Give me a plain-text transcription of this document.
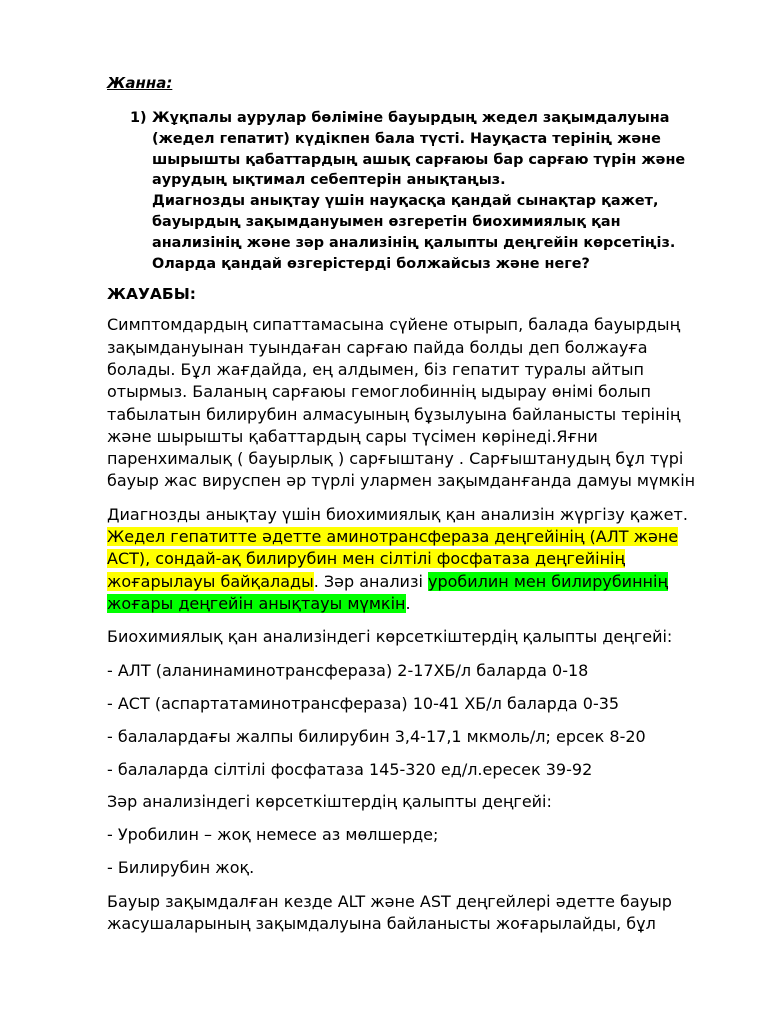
Жанна:
1) Жұқпалы аурулар бөліміне бауырдың жедел зақымдалуына
(жедел гепатит) күдікпен бала түсті. Науқаста терінің және
шырышты қабаттардың ашық сарғаюы бар сарғаю түрін және
аурудың ықтимал себептерін анықтаңыз.
Диагнозды анықтау үшін науқасқа қандай сынақтар қажет,
бауырдың зақымдануымен өзгеретін биохимиялық қан
анализінің және зәр анализінің қалыпты деңгейін көрсетіңіз.
Оларда қандай өзгерістерді болжайсыз және неге?
ЖАУАБЫ:
Симптомдардың сипаттамасына сүйене отырып, балада бауырдың
зақымдануынан туындаған сарғаю пайда болды деп болжауға
болады. Бұл жағдайда, ең алдымен, біз гепатит туралы айтып
отырмыз. Баланың сарғаюы гемоглобиннің ыдырау өнімі болып
табылатын билирубин алмасуының бұзылуына байланысты терінің
және шырышты қабаттардың сары түсімен көрінеді.Яғни
паренхималық ( бауырлық ) сарғыштану . Сарғыштанудың бұл түрі
бауыр жас вируспен әр түрлі улармен зақымданғанда дамуы мүмкін
Диагнозды анықтау үшін биохимиялық қан анализін жүргізу қажет.
Жедел гепатитте әдетте аминотрансфераза деңгейінің (АЛТ және
АСТ), сондай-ақ билирубин мен сілтілі фосфатаза деңгейінің
жоғарылауы байқалады. Зәр анализі уробилин мен билирубиннің
жоғары деңгейін анықтауы мүмкін.
Биохимиялық қан анализіндегі көрсеткіштердің қалыпты деңгейі:
- АЛТ (аланинаминотрансфераза) 2-17ХБ/л баларда 0-18
- АСТ (аспартатаминотрансфераза) 10-41 ХБ/л баларда 0-35
- балалардағы жалпы билирубин 3,4-17,1 мкмоль/л; ерсек 8-20
- балаларда сілтілі фосфатаза 145-320 ед/л.ересек 39-92
Зәр анализіндегі көрсеткіштердің қалыпты деңгейі:
- Уробилин – жоқ немесе аз мөлшерде;
- Билирубин жоқ.
Бауыр зақымдалған кезде ALT және AST деңгейлері әдетте бауыр
жасушаларының зақымдалуына байланысты жоғарылайды, бұл
